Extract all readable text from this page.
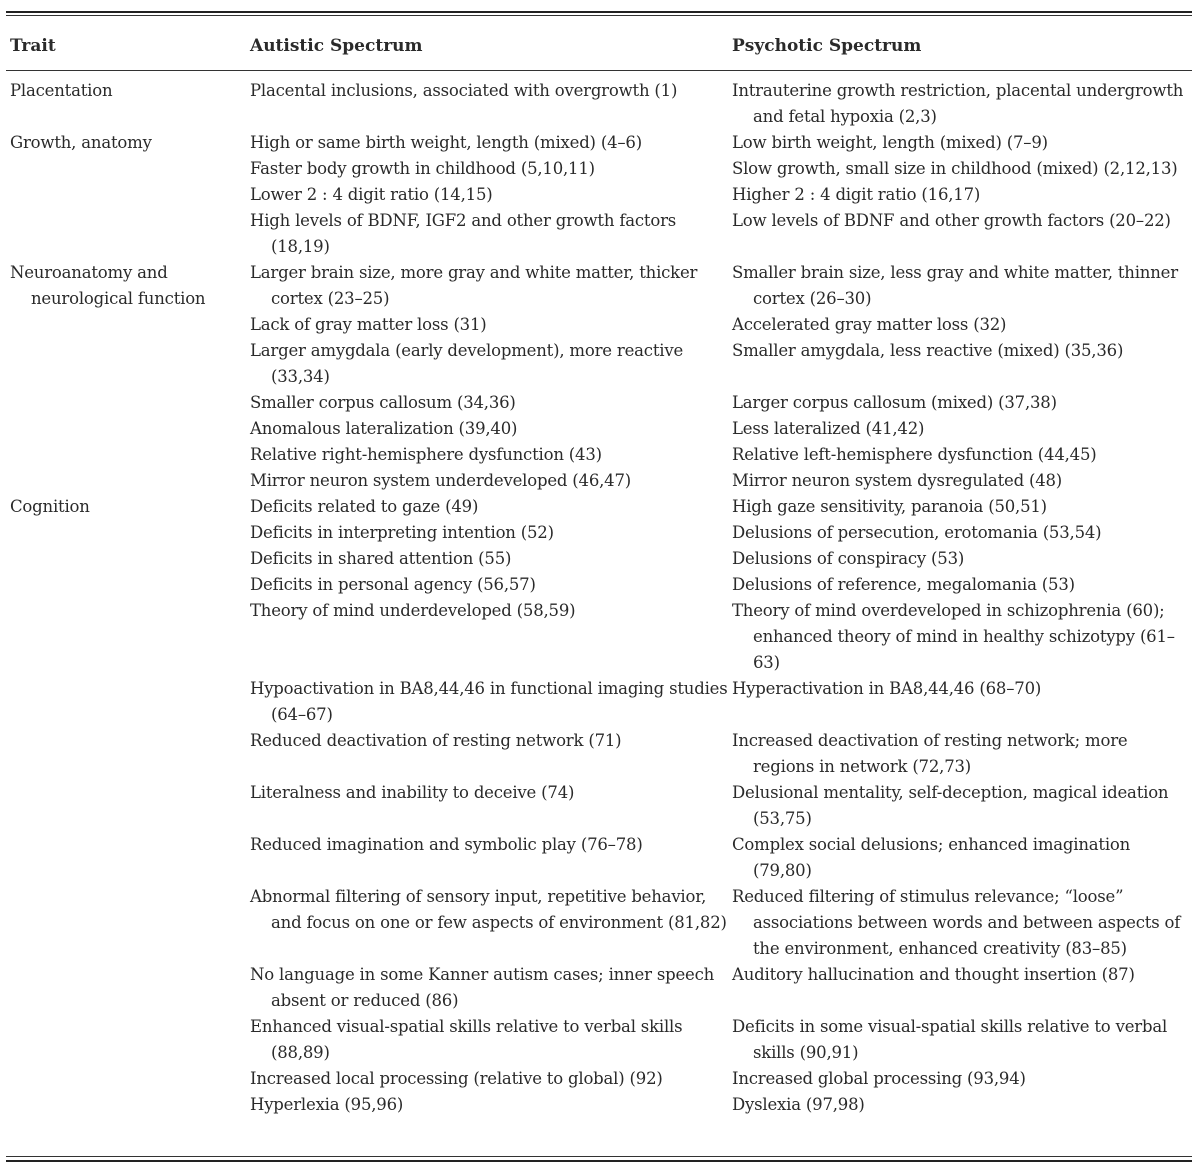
Trait	Autistic Spectrum	Psychotic Spectrum
Placentation	Placental inclusions, associated with overgrowth (1)	Intrauterine growth restriction, placental undergrowth and fetal hypoxia (2,3)
Growth, anatomy	High or same birth weight, length (mixed) (4–6)	Low birth weight, length (mixed) (7–9)
	Faster body growth in childhood (5,10,11)	Slow growth, small size in childhood (mixed) (2,12,13)
	Lower 2 : 4 digit ratio (14,15)	Higher 2 : 4 digit ratio (16,17)
	High levels of BDNF, IGF2 and other growth factors (18,19)	Low levels of BDNF and other growth factors (20–22)
Neuroanatomy and neurological function	Larger brain size, more gray and white matter, thicker cortex (23–25)	Smaller brain size, less gray and white matter, thinner cortex (26–30)
	Lack of gray matter loss (31)	Accelerated gray matter loss (32)
	Larger amygdala (early development), more reactive (33,34)	Smaller amygdala, less reactive (mixed) (35,36)
	Smaller corpus callosum (34,36)	Larger corpus callosum (mixed) (37,38)
	Anomalous lateralization (39,40)	Less lateralized (41,42)
	Relative right-hemisphere dysfunction (43)	Relative left-hemisphere dysfunction (44,45)
	Mirror neuron system underdeveloped (46,47)	Mirror neuron system dysregulated (48)
Cognition	Deficits related to gaze (49)	High gaze sensitivity, paranoia (50,51)
	Deficits in interpreting intention (52)	Delusions of persecution, erotomania (53,54)
	Deficits in shared attention (55)	Delusions of conspiracy (53)
	Deficits in personal agency (56,57)	Delusions of reference, megalomania (53)
	Theory of mind underdeveloped (58,59)	Theory of mind overdeveloped in schizophrenia (60); enhanced theory of mind in healthy schizotypy (61–63)
	Hypoactivation in BA8,44,46 in functional imaging studies (64–67)	Hyperactivation in BA8,44,46 (68–70)
	Reduced deactivation of resting network (71)	Increased deactivation of resting network; more regions in network (72,73)
	Literalness and inability to deceive (74)	Delusional mentality, self-deception, magical ideation (53,75)
	Reduced imagination and symbolic play (76–78)	Complex social delusions; enhanced imagination (79,80)
	Abnormal filtering of sensory input, repetitive behavior, and focus on one or few aspects of environment (81,82)	Reduced filtering of stimulus relevance; “loose” associations between words and between aspects of the environment, enhanced creativity (83–85)
	No language in some Kanner autism cases; inner speech absent or reduced (86)	Auditory hallucination and thought insertion (87)
	Enhanced visual-spatial skills relative to verbal skills (88,89)	Deficits in some visual-spatial skills relative to verbal skills (90,91)
	Increased local processing (relative to global) (92)	Increased global processing (93,94)
	Hyperlexia (95,96)	Dyslexia (97,98)
